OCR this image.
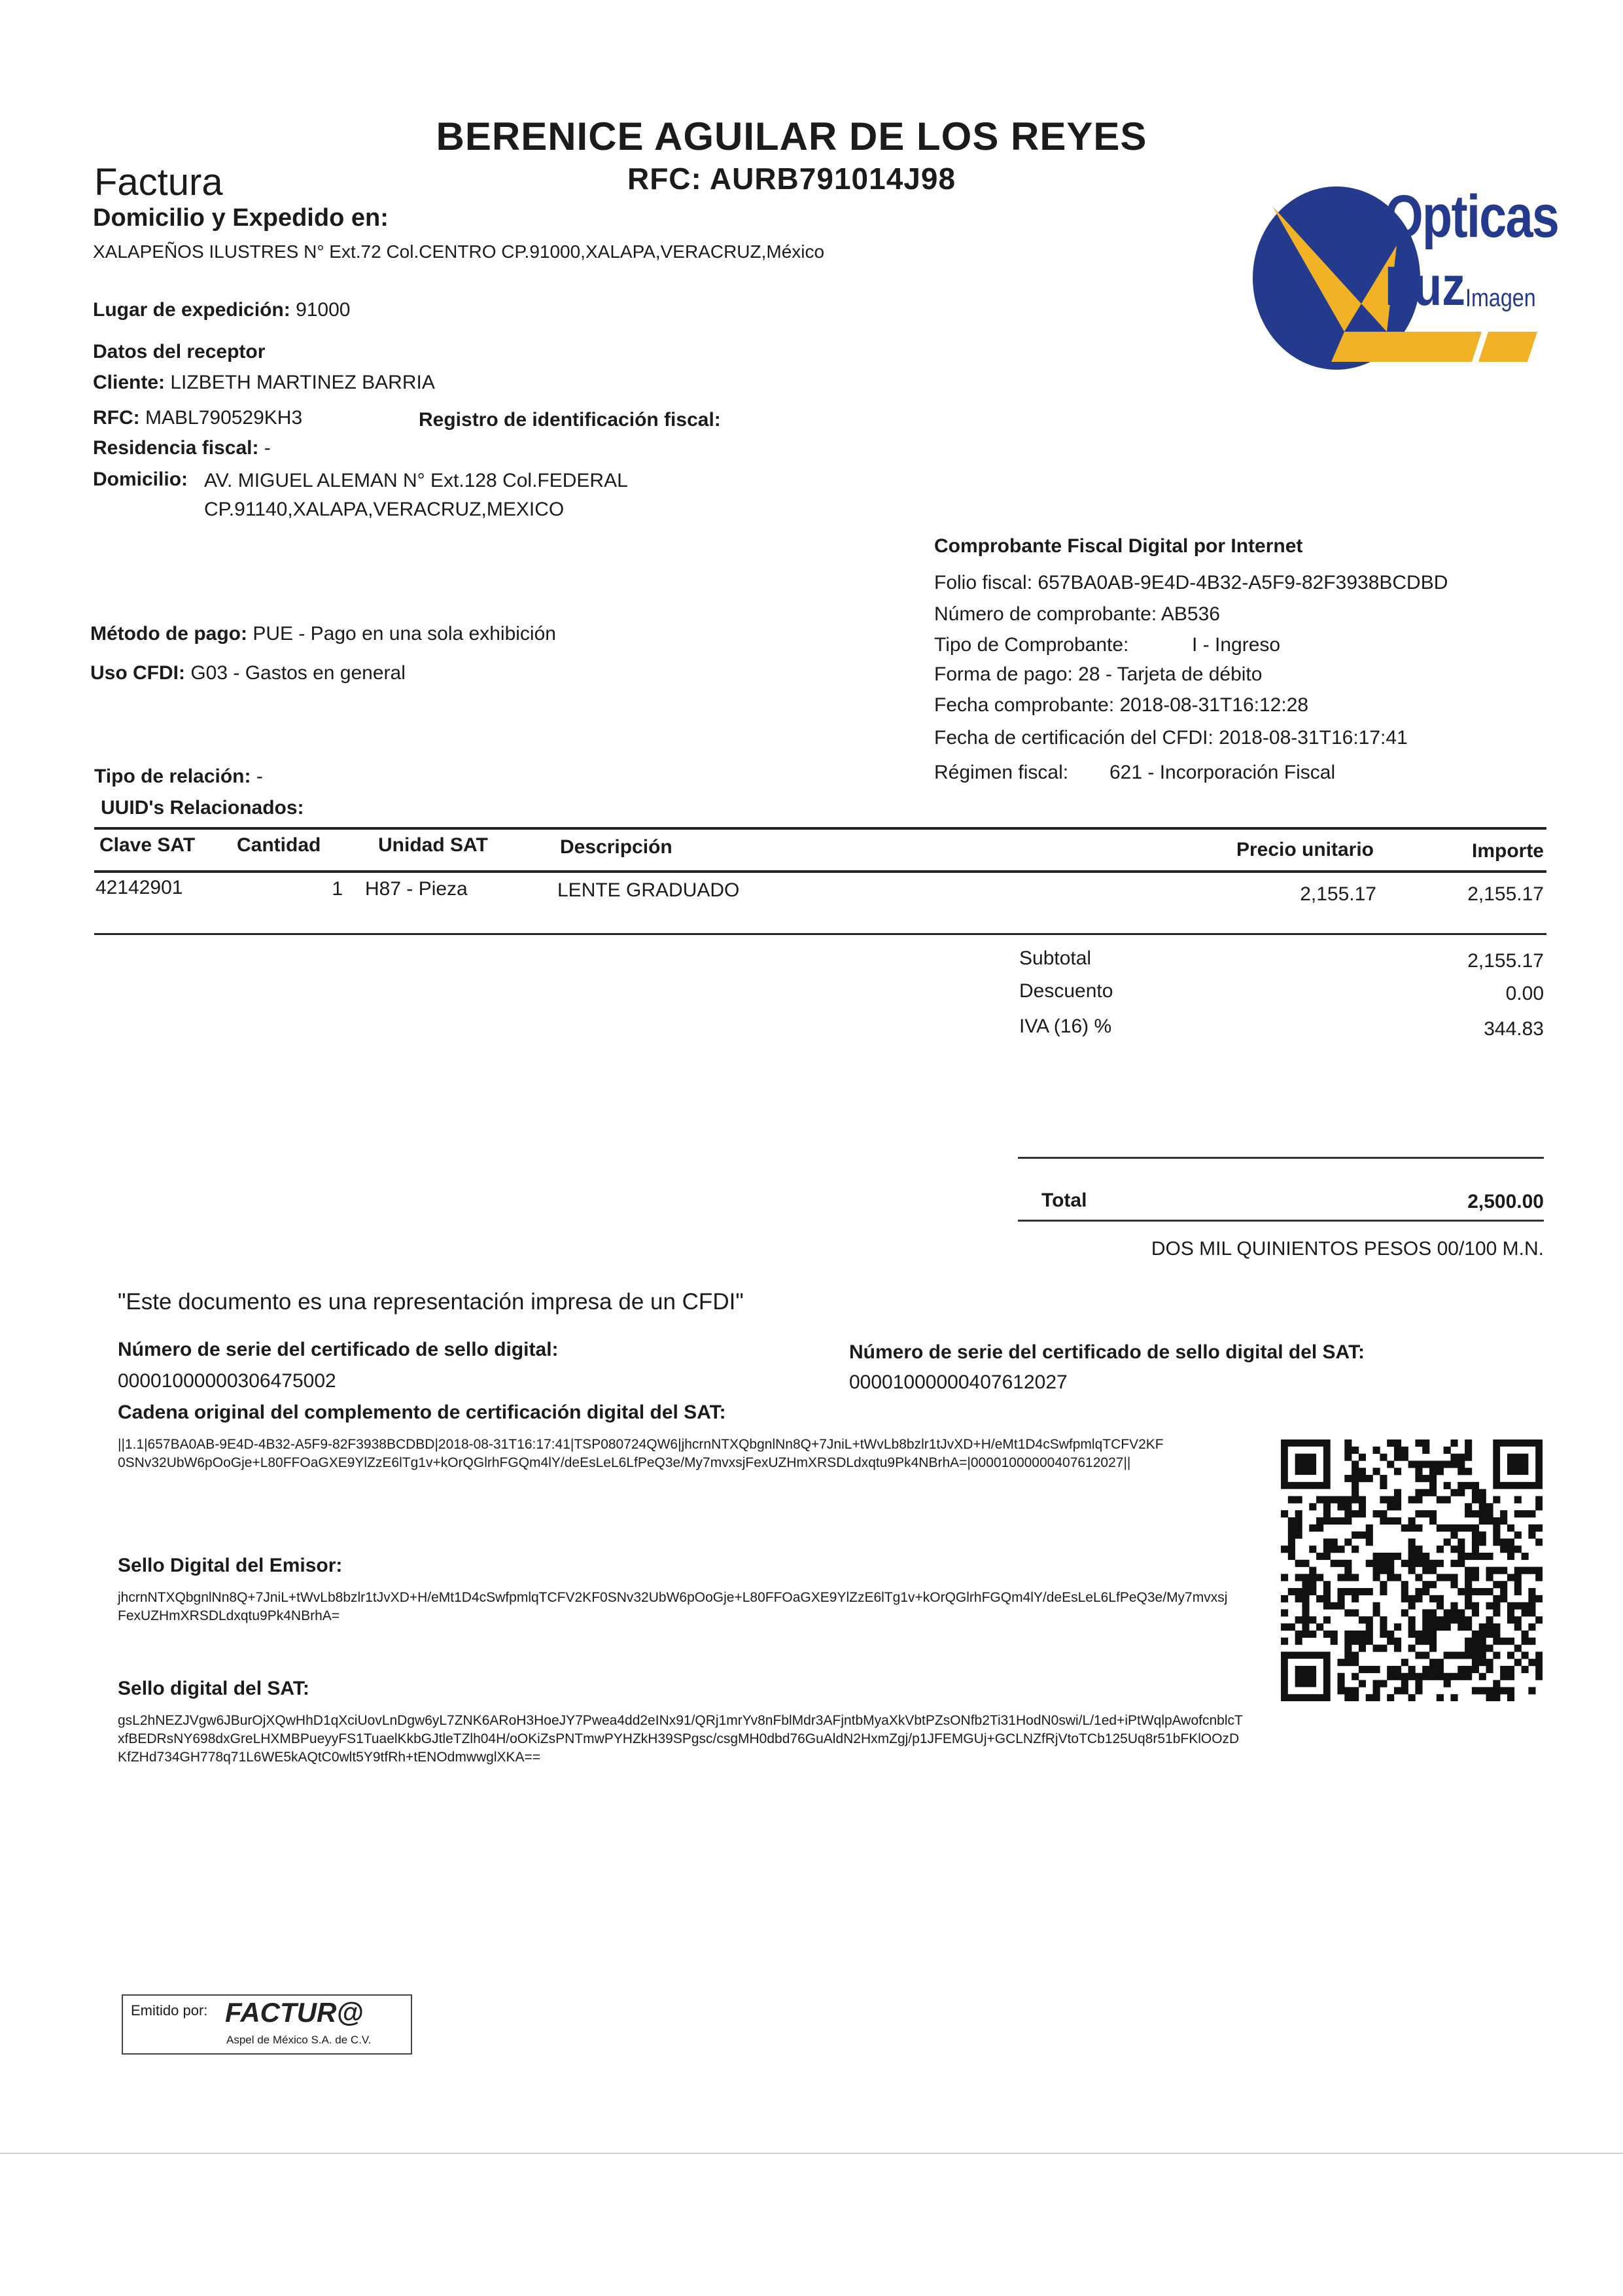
BERENICE AGUILAR DE LOS REYES
RFC: AURB791014J98
Factura
Domicilio y Expedido en:
XALAPEÑOS ILUSTRES N° Ext.72 Col.CENTRO CP.91000,XALAPA,VERACRUZ,México
Lugar de expedición: 91000
Opticas
Luz Imagen
Datos del receptor
Cliente: LIZBETH MARTINEZ BARRIA
RFC: MABL790529KH3	Registro de identificación fiscal:
Residencia fiscal: -
Domicilio: AV. MIGUEL ALEMAN N° Ext.128 Col.FEDERAL
CP.91140,XALAPA,VERACRUZ,MEXICO
Comprobante Fiscal Digital por Internet
Folio fiscal: 657BA0AB-9E4D-4B32-A5F9-82F3938BCDBD
Número de comprobante: AB536
Tipo de Comprobante:	I - Ingreso
Forma de pago: 28 - Tarjeta de débito
Fecha comprobante: 2018-08-31T16:12:28
Fecha de certificación del CFDI: 2018-08-31T16:17:41
Régimen fiscal: 621 - Incorporación Fiscal
Método de pago: PUE - Pago en una sola exhibición
Uso CFDI: G03 - Gastos en general
Tipo de relación: -
UUID's Relacionados:
Clave SAT Cantidad	Unidad SAT	Descripción	Precio unitario	Importe
42142901	1 H87 - Pieza	LENTE GRADUADO	2,155.17	2,155.17
Subtotal	2,155.17
Descuento	0.00
IVA (16) %	344.83
Total	2,500.00
DOS MIL QUINIENTOS PESOS 00/100 M.N.
"Este documento es una representación impresa de un CFDI"
Número de serie del certificado de sello digital:
00001000000306475002
Número de serie del certificado de sello digital del SAT:
00001000000407612027
Cadena original del complemento de certificación digital del SAT:
||1.1|657BA0AB-9E4D-4B32-A5F9-82F3938BCDBD|2018-08-31T16:17:41|TSP080724QW6|jhcrnNTXQbgnlNn8Q+7JniL+tWvLb8bzlr1tJvXD+H/eMt1D4cSwfpmlqTCFV2KF0SNv32UbW6pOoGje+L80FFOaGXE9YlZzE6lTg1v+kOrQGlrhFGQm4lY/deEsLeL6LfPeQ3e/My7mvxsjFexUZHmXRSDLdxqtu9Pk4NBrhA=|00001000000407612027||
Sello Digital del Emisor:
jhcrnNTXQbgnlNn8Q+7JniL+tWvLb8bzlr1tJvXD+H/eMt1D4cSwfpmlqTCFV2KF0SNv32UbW6pOoGje+L80FFOaGXE9YlZzE6lTg1v+kOrQGlrhFGQm4lY/deEsLeL6LfPeQ3e/My7mvxsjFexUZHmXRSDLdxqtu9Pk4NBrhA=
Sello digital del SAT:
gsL2hNEZJVgw6JBurOjXQwHhD1qXciUovLnDgw6yL7ZNK6ARoH3HoeJY7Pwea4dd2eINx91/QRj1mrYv8nFblMdr3AFjntbMyaXkVbtPZsONfb2Ti31HodN0swi/L/1ed+iPtWqlpAwofcnblcTxfBEDRsNY698dxGreLHXMBPueyyFS1TuaelKkbGJtleTZlh04H/oOKiZsPNTmwPYHZkH39SPgsc/csgMH0dbd76GuAldN2HxmZgj/p1JFEMGUj+GCLNZfRjVtoTCb125Uq8r51bFKlOOzDKfZHd734GH778q71L6WE5kAQtC0wlt5Y9tfRh+tENOdmwwglXKA==
Emitido por: FACTUR@
Aspel de México S.A. de C.V.
